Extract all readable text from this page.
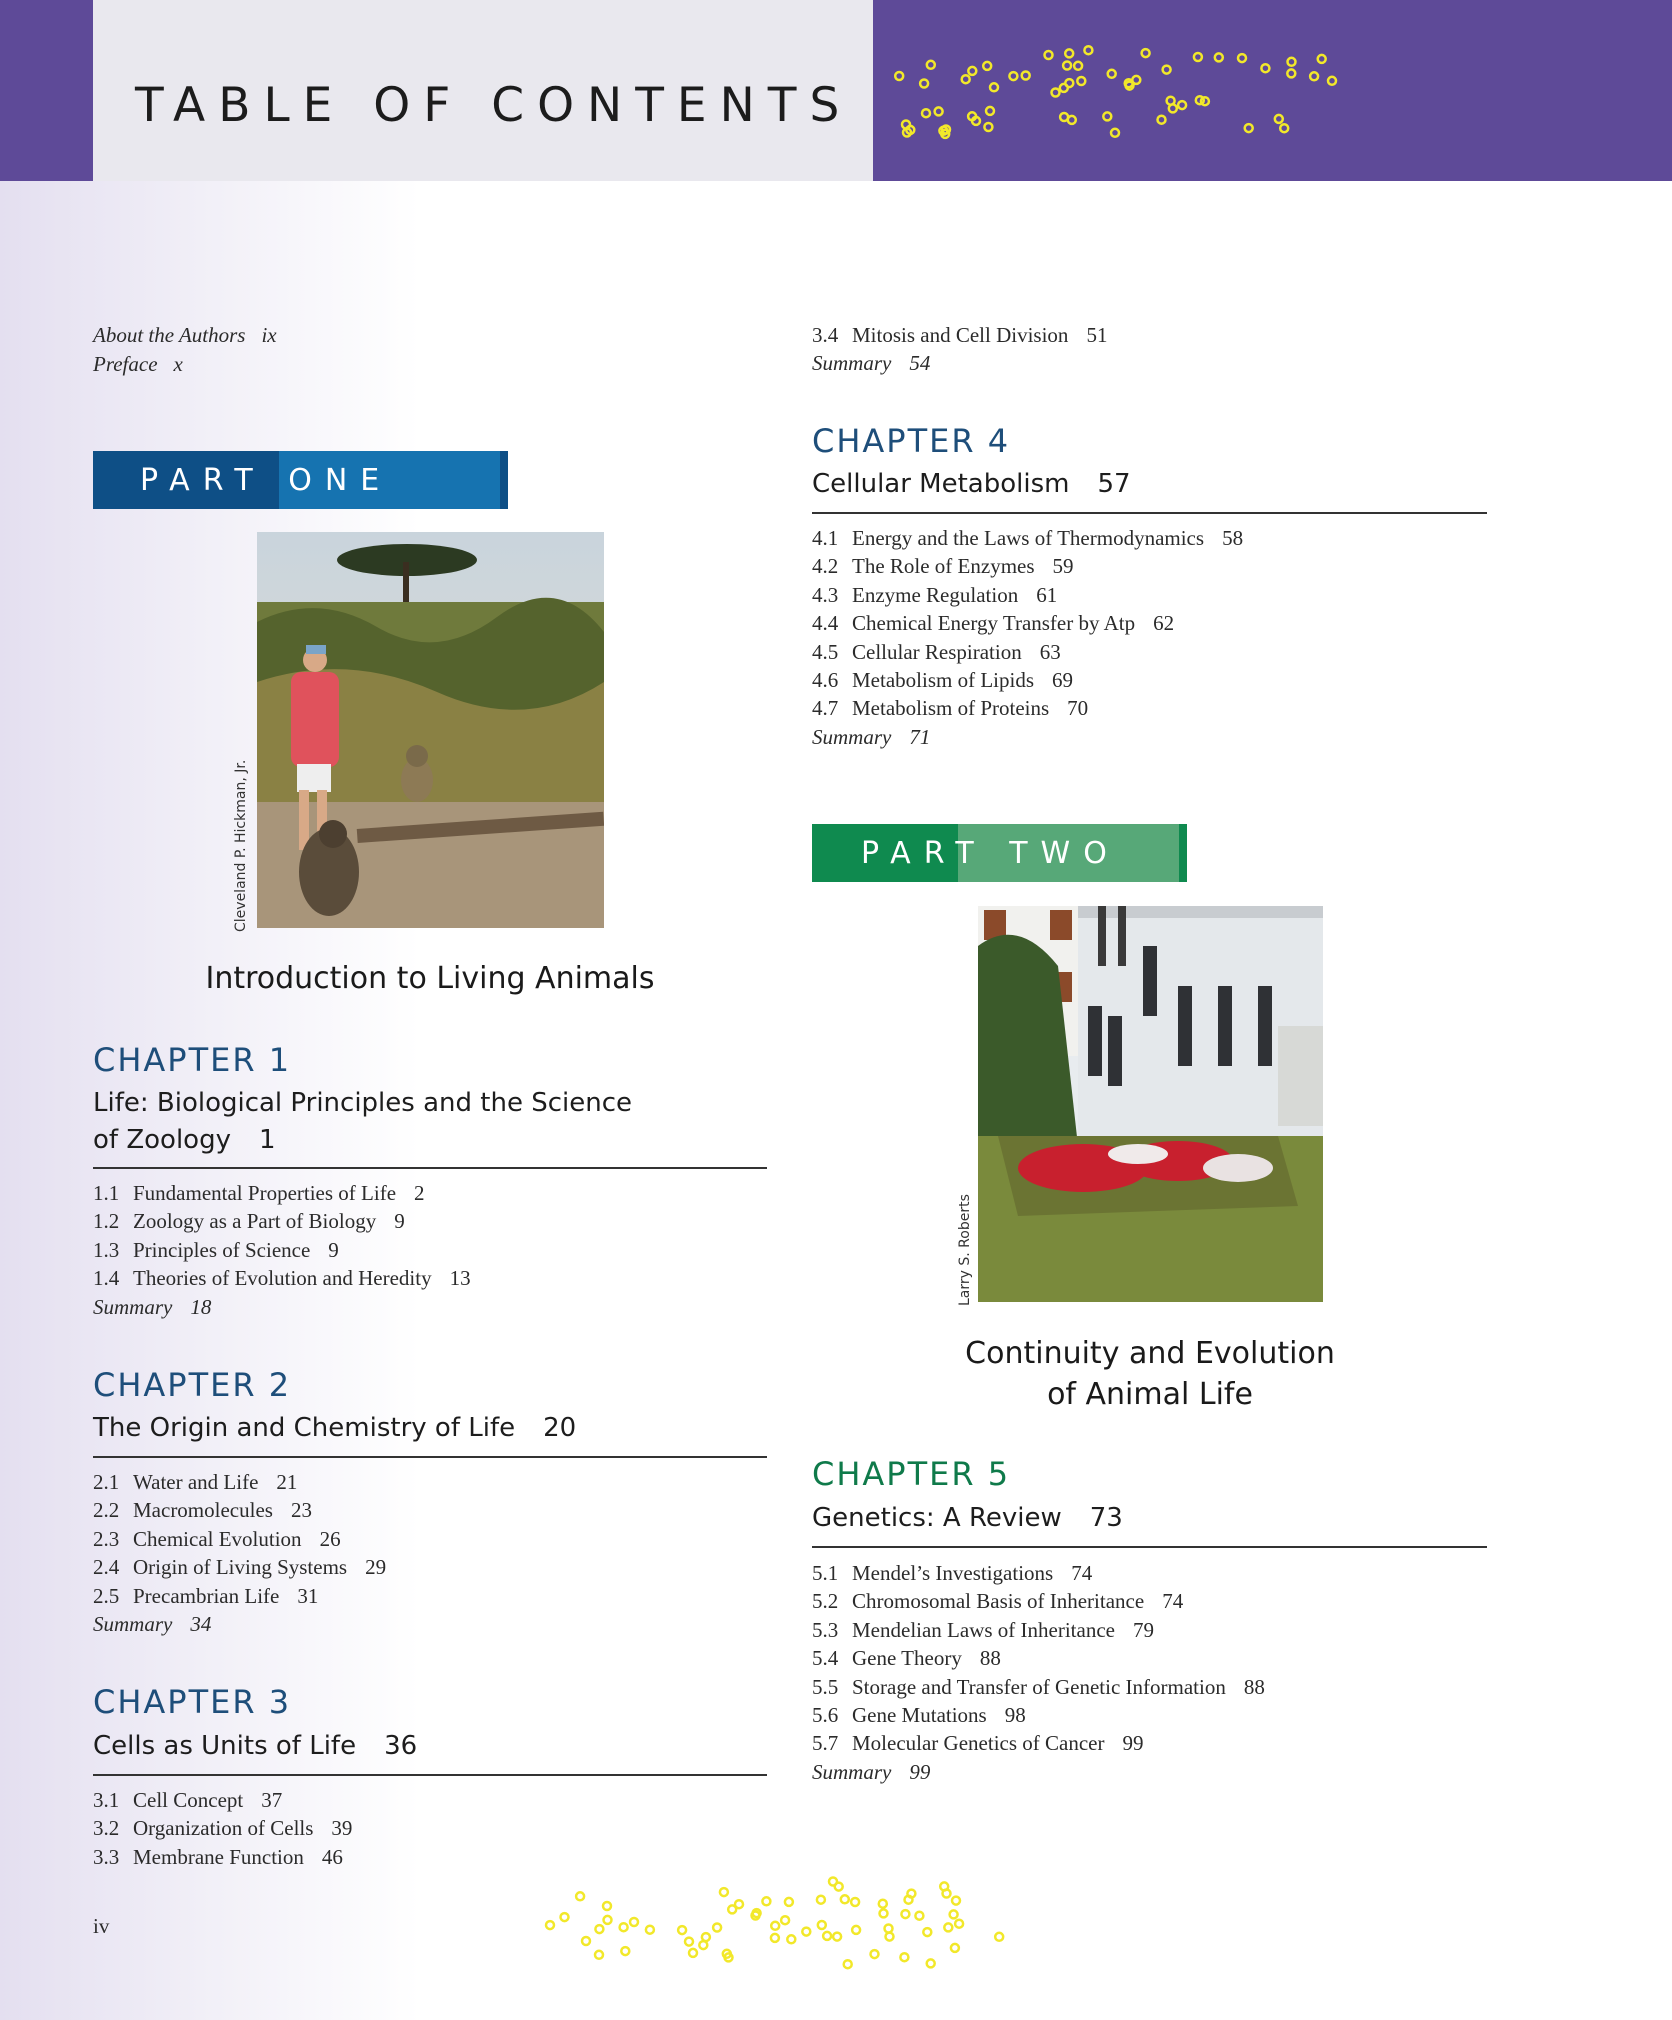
TABLE OF CONTENTS
About the Authors ix
Preface x
PART ONE
Cleveland P. Hickman, Jr.
Introduction to Living Animals
CHAPTER 1
Life: Biological Principles and the Science
of Zoology 1
1.1 Fundamental Properties of Life 2
1.2 Zoology as a Part of Biology 9
1.3 Principles of Science 9
1.4 Theories of Evolution and Heredity 13
Summary 18
CHAPTER 2
The Origin and Chemistry of Life 20
2.1 Water and Life 21
2.2 Macromolecules 23
2.3 Chemical Evolution 26
2.4 Origin of Living Systems 29
2.5 Precambrian Life 31
Summary 34
CHAPTER 3
Cells as Units of Life 36
3.1 Cell Concept 37
3.2 Organization of Cells 39
3.3 Membrane Function 46
3.4 Mitosis and Cell Division 51
Summary 54
CHAPTER 4
Cellular Metabolism 57
4.1 Energy and the Laws of Thermodynamics 58
4.2 The Role of Enzymes 59
4.3 Enzyme Regulation 61
4.4 Chemical Energy Transfer by Atp 62
4.5 Cellular Respiration 63
4.6 Metabolism of Lipids 69
4.7 Metabolism of Proteins 70
Summary 71
PART TWO
Larry S. Roberts
Continuity and Evolution
of Animal Life
CHAPTER 5
Genetics: A Review 73
5.1 Mendel’s Investigations 74
5.2 Chromosomal Basis of Inheritance 74
5.3 Mendelian Laws of Inheritance 79
5.4 Gene Theory 88
5.5 Storage and Transfer of Genetic Information 88
5.6 Gene Mutations 98
5.7 Molecular Genetics of Cancer 99
Summary 99
iv
